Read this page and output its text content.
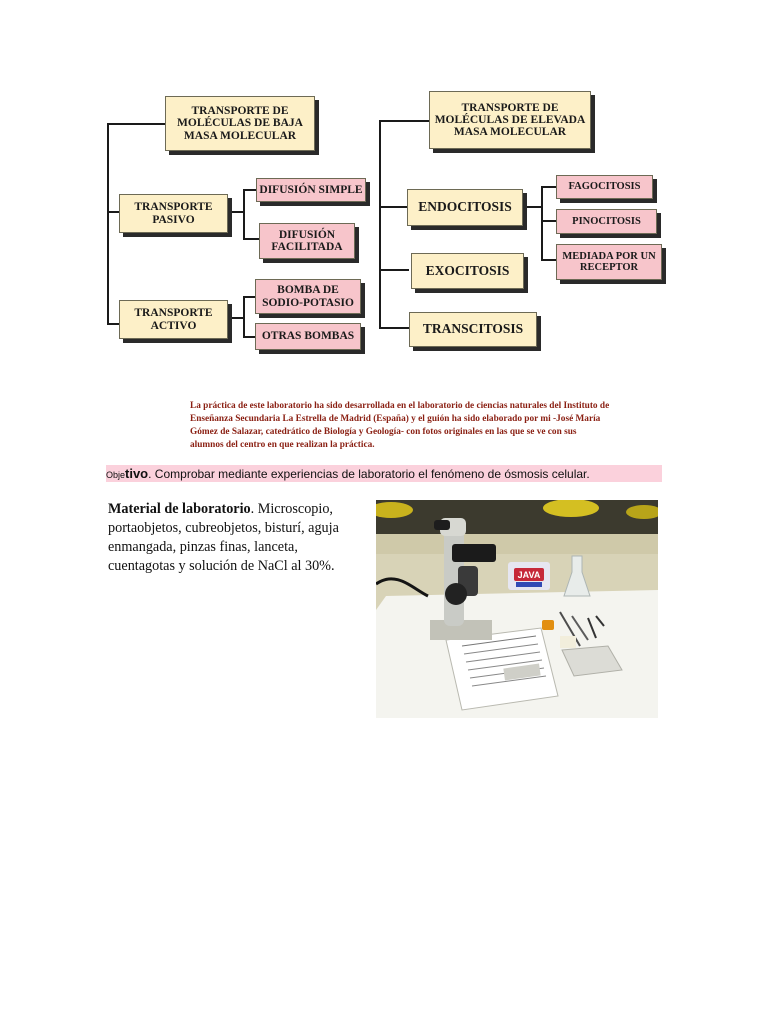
TRANSPORTE DE MOLÉCULAS DE BAJA MASA MOLECULAR
TRANSPORTE PASIVO
TRANSPORTE ACTIVO
DIFUSIÓN SIMPLE
DIFUSIÓN FACILITADA
BOMBA DE SODIO-POTASIO
OTRAS BOMBAS
TRANSPORTE DE MOLÉCULAS DE ELEVADA MASA MOLECULAR
ENDOCITOSIS
EXOCITOSIS
TRANSCITOSIS
FAGOCITOSIS
PINOCITOSIS
MEDIADA POR UN RECEPTOR
La práctica de este laboratorio ha sido desarrollada en el laboratorio de ciencias naturales del Instituto de Enseñanza Secundaria La Estrella de Madrid (España) y el guión ha sido elaborado por mi -José María Gómez de Salazar, catedrático de Biología y Geología- con fotos originales en las que se ve con sus alumnos del centro en que realizan la práctica.
Objetivo. Comprobar mediante experiencias de laboratorio el fenómeno de ósmosis celular.
Material de laboratorio. Microscopio, portaobjetos, cubreobjetos, bisturí, aguja enmangada, pinzas finas, lanceta, cuentagotas y solución de NaCl al 30%.
JAVA
